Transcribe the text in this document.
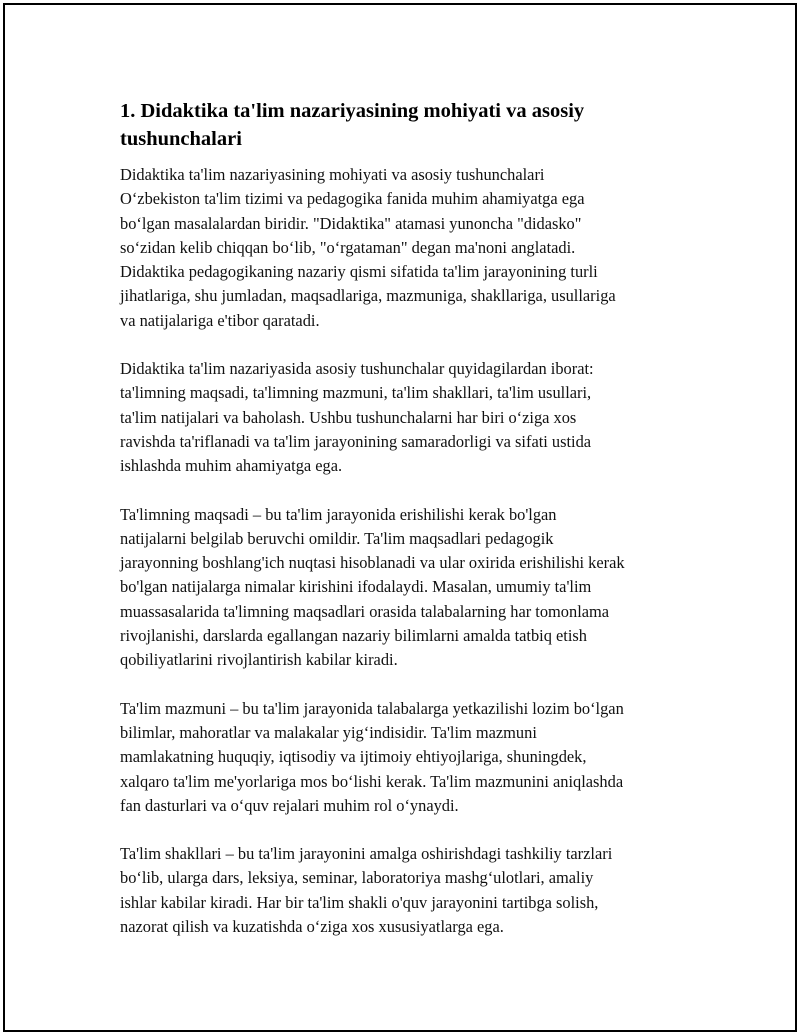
1. Didaktika ta'lim nazariyasining mohiyati va asosiy
tushunchalari

Didaktika ta'lim nazariyasining mohiyati va asosiy tushunchalari
O‘zbekiston ta'lim tizimi va pedagogika fanida muhim ahamiyatga ega
bo‘lgan masalalardan biridir. "Didaktika" atamasi yunoncha "didasko"
so‘zidan kelib chiqqan bo‘lib, "o‘rgataman" degan ma'noni anglatadi.
Didaktika pedagogikaning nazariy qismi sifatida ta'lim jarayonining turli
jihatlariga, shu jumladan, maqsadlariga, mazmuniga, shakllariga, usullariga
va natijalariga e'tibor qaratadi.

Didaktika ta'lim nazariyasida asosiy tushunchalar quyidagilardan iborat:
ta'limning maqsadi, ta'limning mazmuni, ta'lim shakllari, ta'lim usullari,
ta'lim natijalari va baholash. Ushbu tushunchalarni har biri o‘ziga xos
ravishda ta'riflanadi va ta'lim jarayonining samaradorligi va sifati ustida
ishlashda muhim ahamiyatga ega.

Ta'limning maqsadi – bu ta'lim jarayonida erishilishi kerak bo'lgan
natijalarni belgilab beruvchi omildir. Ta'lim maqsadlari pedagogik
jarayonning boshlang'ich nuqtasi hisoblanadi va ular oxirida erishilishi kerak
bo'lgan natijalarga nimalar kirishini ifodalaydi. Masalan, umumiy ta'lim
muassasalarida ta'limning maqsadlari orasida talabalarning har tomonlama
rivojlanishi, darslarda egallangan nazariy bilimlarni amalda tatbiq etish
qobiliyatlarini rivojlantirish kabilar kiradi.

Ta'lim mazmuni – bu ta'lim jarayonida talabalarga yetkazilishi lozim bo‘lgan
bilimlar, mahoratlar va malakalar yig‘indisidir. Ta'lim mazmuni
mamlakatning huquqiy, iqtisodiy va ijtimoiy ehtiyojlariga, shuningdek,
xalqaro ta'lim me'yorlariga mos bo‘lishi kerak. Ta'lim mazmunini aniqlashda
fan dasturlari va o‘quv rejalari muhim rol o‘ynaydi.

Ta'lim shakllari – bu ta'lim jarayonini amalga oshirishdagi tashkiliy tarzlari
bo‘lib, ularga dars, leksiya, seminar, laboratoriya mashg‘ulotlari, amaliy
ishlar kabilar kiradi. Har bir ta'lim shakli o'quv jarayonini tartibga solish,
nazorat qilish va kuzatishda o‘ziga xos xususiyatlarga ega.
